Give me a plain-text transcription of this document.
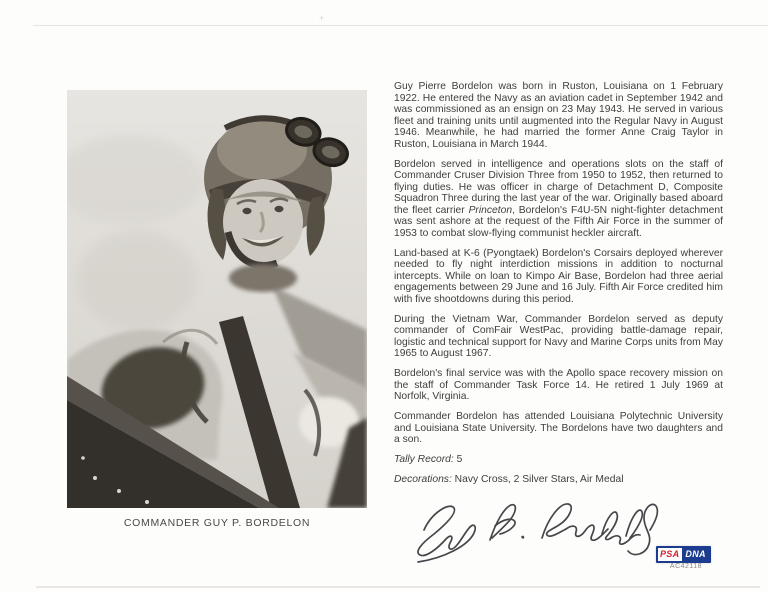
+
COMMANDER GUY P. BORDELON

Guy Pierre Bordelon was born in Ruston, Louisiana on 1 February 1922. He entered the Navy as an aviation cadet in September 1942 and was commissioned as an ensign on 23 May 1943. He served in various fleet and training units until augmented into the Regular Navy in August 1946. Meanwhile, he had married the former Anne Craig Taylor in Ruston, Louisiana in March 1944.

Bordelon served in intelligence and operations slots on the staff of Commander Cruser Division Three from 1950 to 1952, then returned to flying duties. He was officer in charge of Detachment D, Composite Squadron Three during the last year of the war. Originally based aboard the fleet carrier Princeton, Bordelon's F4U-5N night-fighter detachment was sent ashore at the request of the Fifth Air Force in the summer of 1953 to combat slow-flying communist heckler aircraft.

Land-based at K-6 (Pyongtaek) Bordelon's Corsairs deployed wherever needed to fly night interdiction missions in addition to nocturnal intercepts. While on loan to Kimpo Air Base, Bordelon had three aerial engagements between 29 June and 16 July. Fifth Air Force credited him with five shootdowns during this period.

During the Vietnam War, Commander Bordelon served as deputy commander of ComFair WestPac, providing battle-damage repair, logistic and technical support for Navy and Marine Corps units from May 1965 to August 1967.

Bordelon's final service was with the Apollo space recovery mission on the staff of Commander Task Force 14. He retired 1 July 1969 at Norfolk, Virginia.

Commander Bordelon has attended Louisiana Polytechnic University and Louisiana State University. The Bordelons have two daughters and a son.

Tally Record: 5

Decorations: Navy Cross, 2 Silver Stars, Air Medal

PSA DNA
AC42118
